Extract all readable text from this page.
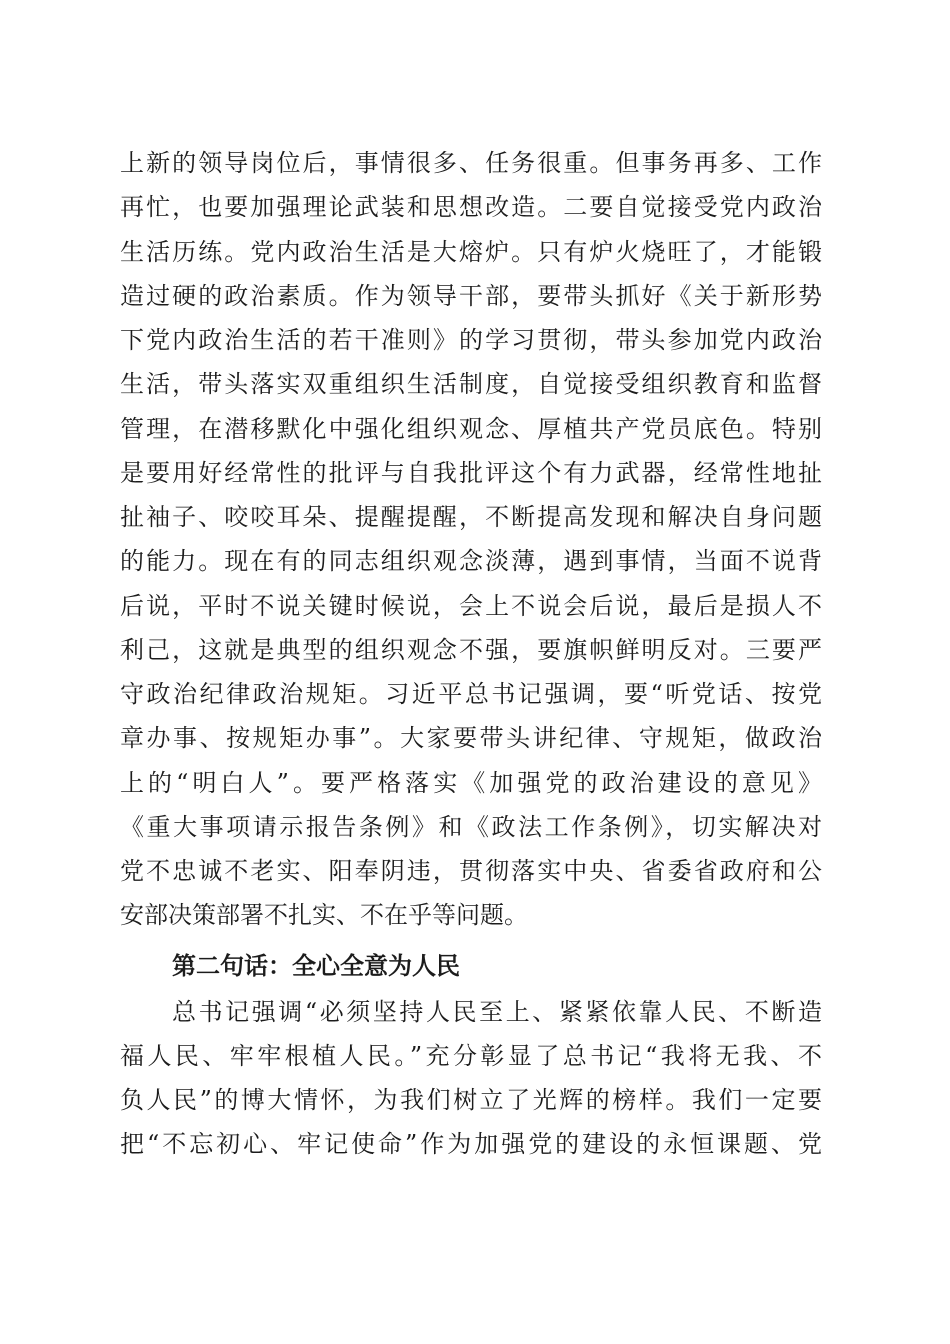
上新的领导岗位后，事情很多、任务很重。但事务再多、工作
再忙，也要加强理论武装和思想改造。二要自觉接受党内政治
生活历练。党内政治生活是大熔炉。只有炉火烧旺了，才能锻
造过硬的政治素质。作为领导干部，要带头抓好《关于新形势
下党内政治生活的若干准则》的学习贯彻，带头参加党内政治
生活，带头落实双重组织生活制度，自觉接受组织教育和监督
管理，在潜移默化中强化组织观念、厚植共产党员底色。特别
是要用好经常性的批评与自我批评这个有力武器，经常性地扯
扯袖子、咬咬耳朵、提醒提醒，不断提高发现和解决自身问题
的能力。现在有的同志组织观念淡薄，遇到事情，当面不说背
后说，平时不说关键时候说，会上不说会后说，最后是损人不
利己，这就是典型的组织观念不强，要旗帜鲜明反对。三要严
守政治纪律政治规矩。习近平总书记强调，要“听党话、按党
章办事、按规矩办事”。大家要带头讲纪律、守规矩，做政治
上的“明白人”。要严格落实《加强党的政治建设的意见》
《重大事项请示报告条例》和《政法工作条例》，切实解决对
党不忠诚不老实、阳奉阴违，贯彻落实中央、省委省政府和公
安部决策部署不扎实、不在乎等问题。
第二句话：全心全意为人民
总书记强调“必须坚持人民至上、紧紧依靠人民、不断造
福人民、牢牢根植人民。”充分彰显了总书记“我将无我、不
负人民”的博大情怀，为我们树立了光辉的榜样。我们一定要
把“不忘初心、牢记使命”作为加强党的建设的永恒课题、党
